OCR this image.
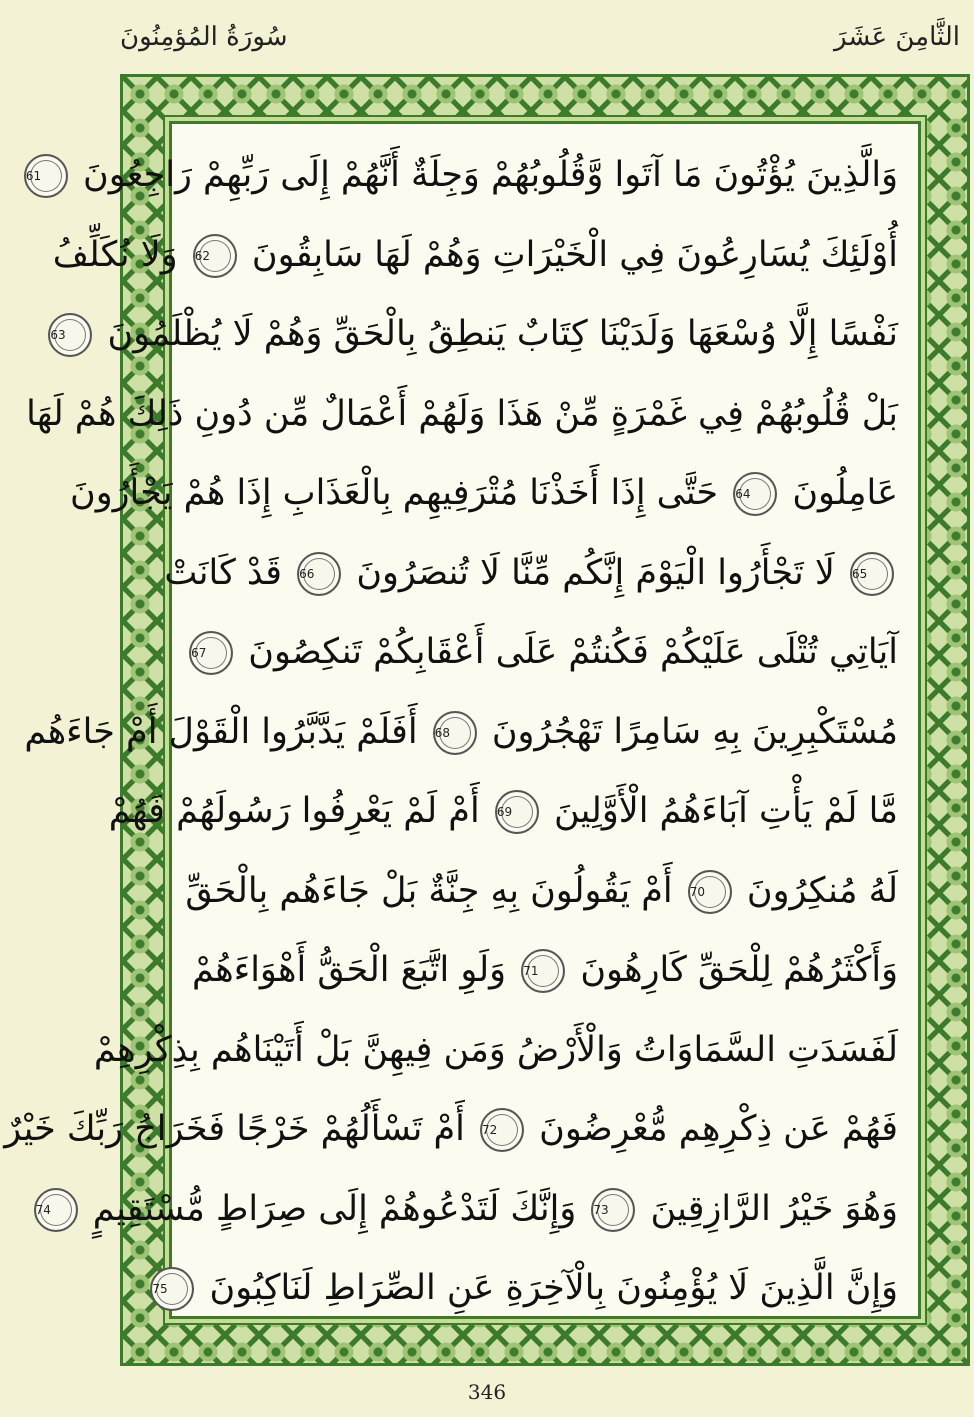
سُورَةُ المُؤمِنُونَ	الثَّامِنَ عَشَرَ
وَالَّذِينَ يُؤْتُونَ مَا آتَوا وَّقُلُوبُهُمْ وَجِلَةٌ أَنَّهُمْ إِلَى رَبِّهِمْ رَاجِعُونَ 61
أُوْلَئِكَ يُسَارِعُونَ فِي الْخَيْرَاتِ وَهُمْ لَهَا سَابِقُونَ 62 وَلَا نُكَلِّفُ
نَفْسًا إِلَّا وُسْعَهَا وَلَدَيْنَا كِتَابٌ يَنطِقُ بِالْحَقِّ وَهُمْ لَا يُظْلَمُونَ 63
بَلْ قُلُوبُهُمْ فِي غَمْرَةٍ مِّنْ هَذَا وَلَهُمْ أَعْمَالٌ مِّن دُونِ ذَلِكَ هُمْ لَهَا
عَامِلُونَ 64 حَتَّى إِذَا أَخَذْنَا مُتْرَفِيهِم بِالْعَذَابِ إِذَا هُمْ يَجْأَرُونَ
65 لَا تَجْأَرُوا الْيَوْمَ إِنَّكُم مِّنَّا لَا تُنصَرُونَ 66 قَدْ كَانَتْ
آيَاتِي تُتْلَى عَلَيْكُمْ فَكُنتُمْ عَلَى أَعْقَابِكُمْ تَنكِصُونَ 67
مُسْتَكْبِرِينَ بِهِ سَامِرًا تَهْجُرُونَ 68 أَفَلَمْ يَدَّبَّرُوا الْقَوْلَ أَمْ جَاءَهُم
مَّا لَمْ يَأْتِ آبَاءَهُمُ الْأَوَّلِينَ 69 أَمْ لَمْ يَعْرِفُوا رَسُولَهُمْ فَهُمْ
لَهُ مُنكِرُونَ 70 أَمْ يَقُولُونَ بِهِ جِنَّةٌ بَلْ جَاءَهُم بِالْحَقِّ
وَأَكْثَرُهُمْ لِلْحَقِّ كَارِهُونَ 71 وَلَوِ اتَّبَعَ الْحَقُّ أَهْوَاءَهُمْ
لَفَسَدَتِ السَّمَاوَاتُ وَالْأَرْضُ وَمَن فِيهِنَّ بَلْ أَتَيْنَاهُم بِذِكْرِهِمْ
فَهُمْ عَن ذِكْرِهِم مُّعْرِضُونَ 72 أَمْ تَسْأَلُهُمْ خَرْجًا فَخَرَاجُ رَبِّكَ خَيْرٌ
وَهُوَ خَيْرُ الرَّازِقِينَ 73 وَإِنَّكَ لَتَدْعُوهُمْ إِلَى صِرَاطٍ مُّسْتَقِيمٍ 74
وَإِنَّ الَّذِينَ لَا يُؤْمِنُونَ بِالْآخِرَةِ عَنِ الصِّرَاطِ لَنَاكِبُونَ 75
346
